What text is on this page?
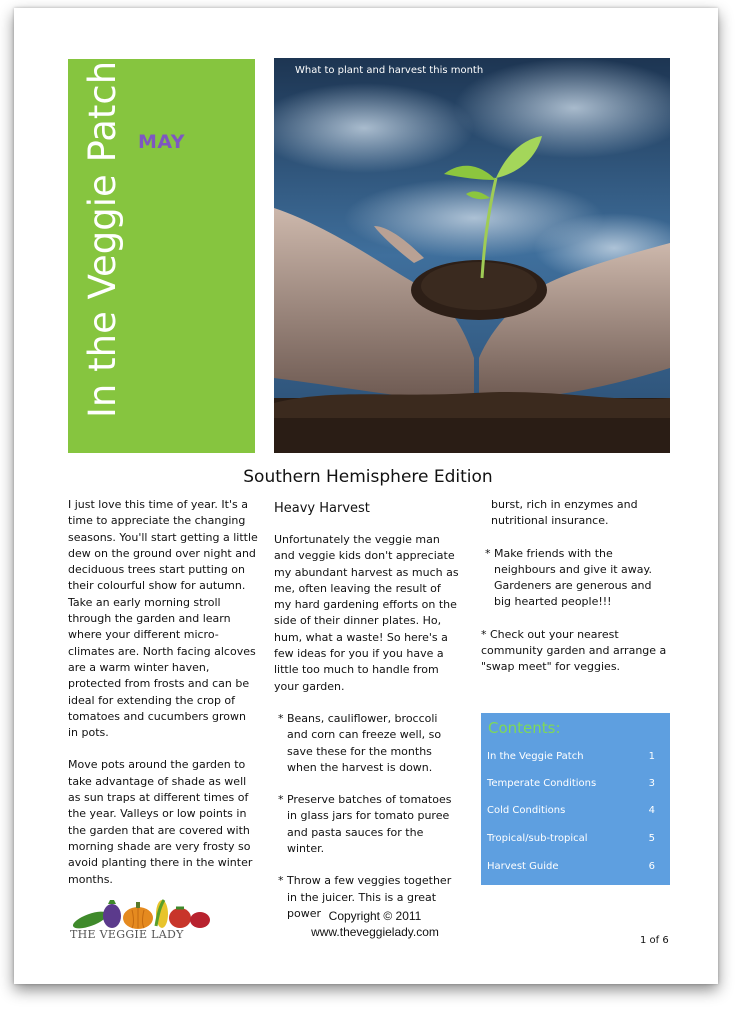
In the Veggie Patch MAY
What to plant and harvest this month
Southern Hemisphere Edition

I just love this time of year. It's a time to appreciate the changing seasons. You'll start getting a little dew on the ground over night and deciduous trees start putting on their colourful show for autumn. Take an early morning stroll through the garden and learn where your different micro-climates are. North facing alcoves are a warm winter haven, protected from frosts and can be ideal for extending the crop of tomatoes and cucumbers grown in pots.

Move pots around the garden to take advantage of shade as well as sun traps at different times of the year. Valleys or low points in the garden that are covered with morning shade are very frosty so avoid planting there in the winter months.

Heavy Harvest

Unfortunately the veggie man and veggie kids don't appreciate my abundant harvest as much as me, often leaving the result of my hard gardening efforts on the side of their dinner plates. Ho, hum, what a waste! So here's a few ideas for you if you have a little too much to handle from your garden.

* Beans, cauliflower, broccoli and corn can freeze well, so save these for the months when the harvest is down.

* Preserve batches of tomatoes in glass jars for tomato puree and pasta sauces for the winter.

* Throw a few veggies together in the juicer. This is a great power

burst, rich in enzymes and nutritional insurance.

* Make friends with the neighbours and give it away. Gardeners are generous and big hearted people!!!

* Check out your nearest community garden and arrange a "swap meet" for veggies.

Contents:
In the Veggie Patch	1
Temperate Conditions	3
Cold Conditions	4
Tropical/sub-tropical	5
Harvest Guide	6
THE VEGGIE LADY
Copyright © 2011
www.theveggielady.com
1 of 6
